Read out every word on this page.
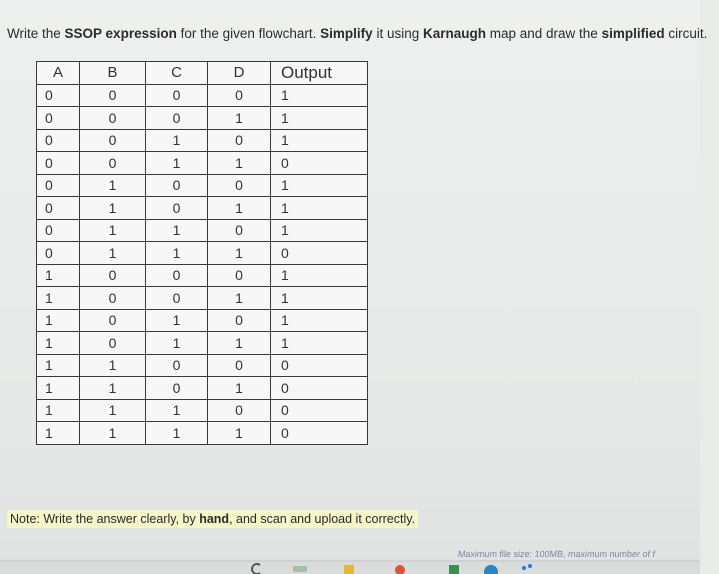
Write the SSOP expression for the given flowchart. Simplify it using Karnaugh map and draw the simplified circuit.
A	B	C	D	Output
0	0	0	0	1
0	0	0	1	1
0	0	1	0	1
0	0	1	1	0
0	1	0	0	1
0	1	0	1	1
0	1	1	0	1
0	1	1	1	0
1	0	0	0	1
1	0	0	1	1
1	0	1	0	1
1	0	1	1	1
1	1	0	0	0
1	1	0	1	0
1	1	1	0	0
1	1	1	1	0
Note: Write the answer clearly, by hand, and scan and upload it correctly.
Maximum file size: 100MB, maximum number of f
